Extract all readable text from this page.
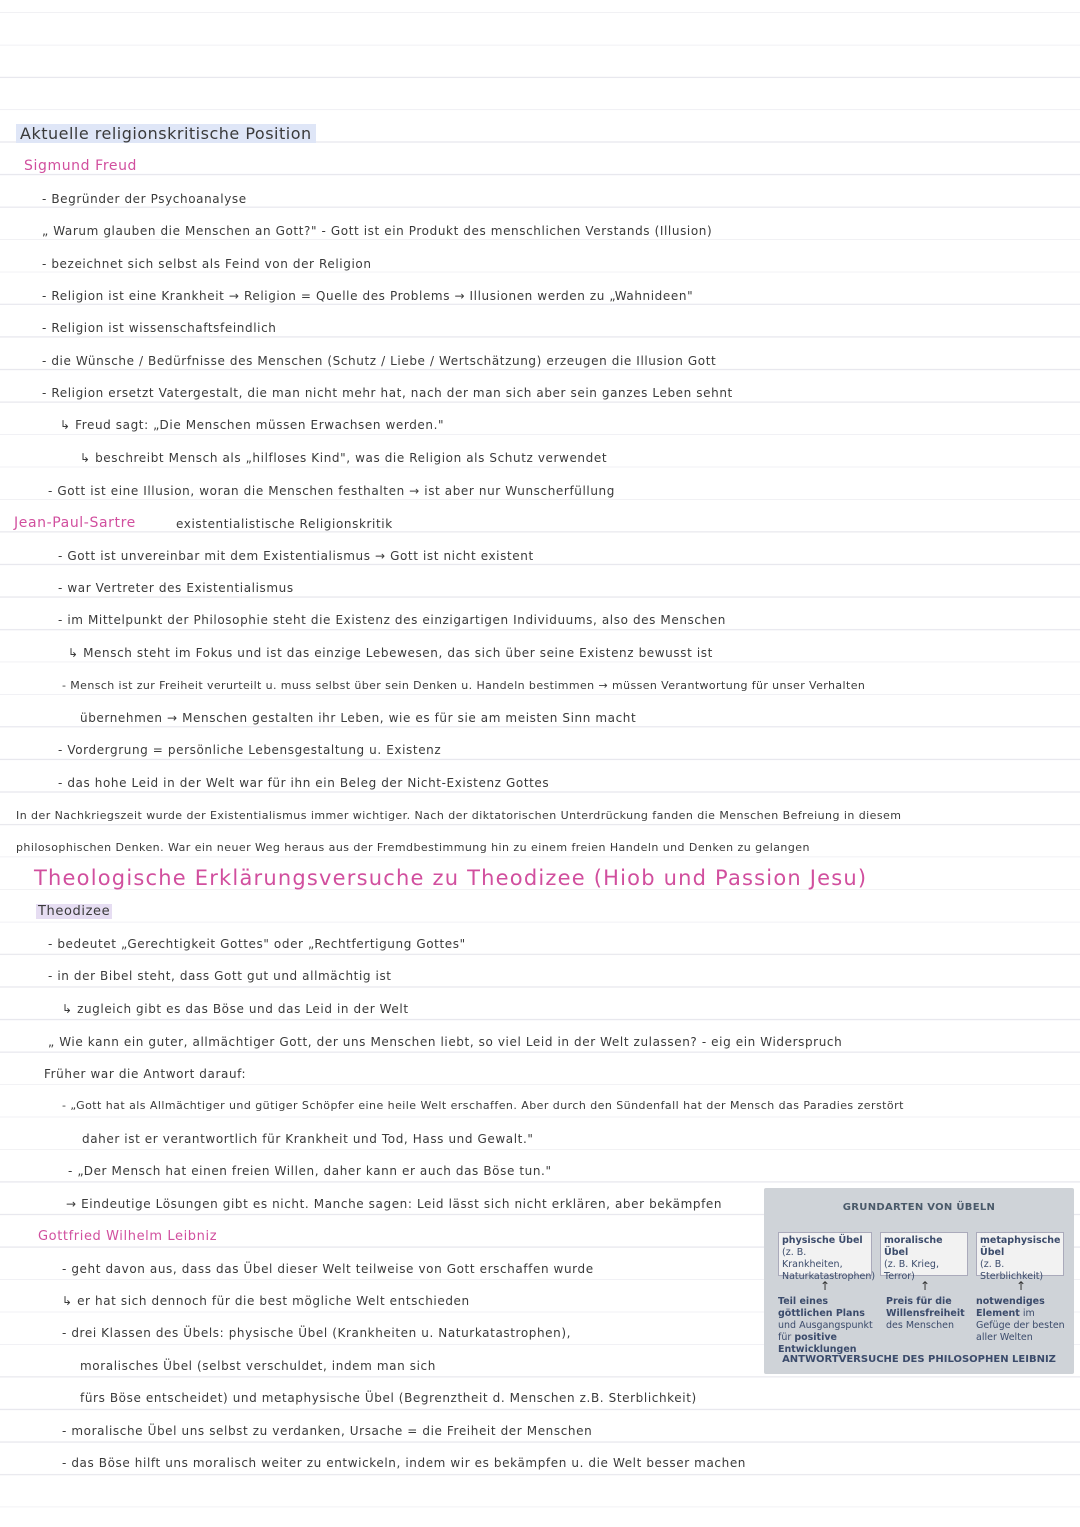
Aktuelle religionskritische Position
Sigmund Freud
- Begründer der Psychoanalyse
„ Warum glauben die Menschen an Gott?" - Gott ist ein Produkt des menschlichen Verstands (Illusion)
- bezeichnet sich selbst als Feind von der Religion
- Religion ist eine Krankheit → Religion = Quelle des Problems → Illusionen werden zu „Wahnideen"
- Religion ist wissenschaftsfeindlich
- die Wünsche / Bedürfnisse des Menschen (Schutz / Liebe / Wertschätzung) erzeugen die Illusion Gott
- Religion ersetzt Vatergestalt, die man nicht mehr hat, nach der man sich aber sein ganzes Leben sehnt
↳ Freud sagt: „Die Menschen müssen Erwachsen werden."
↳ beschreibt Mensch als „hilfloses Kind", was die Religion als Schutz verwendet
- Gott ist eine Illusion, woran die Menschen festhalten → ist aber nur Wunscherfüllung
Jean-Paul-Sartre	existentialistische Religionskritik
- Gott ist unvereinbar mit dem Existentialismus → Gott ist nicht existent
- war Vertreter des Existentialismus
- im Mittelpunkt der Philosophie steht die Existenz des einzigartigen Individuums, also des Menschen
↳ Mensch steht im Fokus und ist das einzige Lebewesen, das sich über seine Existenz bewusst ist
- Mensch ist zur Freiheit verurteilt u. muss selbst über sein Denken u. Handeln bestimmen → müssen Verantwortung für unser Verhalten
übernehmen → Menschen gestalten ihr Leben, wie es für sie am meisten Sinn macht
- Vordergrung = persönliche Lebensgestaltung u. Existenz
- das hohe Leid in der Welt war für ihn ein Beleg der Nicht-Existenz Gottes
In der Nachkriegszeit wurde der Existentialismus immer wichtiger. Nach der diktatorischen Unterdrückung fanden die Menschen Befreiung in diesem
philosophischen Denken. War ein neuer Weg heraus aus der Fremdbestimmung hin zu einem freien Handeln und Denken zu gelangen
Theologische Erklärungsversuche zu Theodizee (Hiob und Passion Jesu)
Theodizee
- bedeutet „Gerechtigkeit Gottes" oder „Rechtfertigung Gottes"
- in der Bibel steht, dass Gott gut und allmächtig ist
↳ zugleich gibt es das Böse und das Leid in der Welt
„ Wie kann ein guter, allmächtiger Gott, der uns Menschen liebt, so viel Leid in der Welt zulassen? - eig ein Widerspruch
Früher war die Antwort darauf:
- „Gott hat als Allmächtiger und gütiger Schöpfer eine heile Welt erschaffen. Aber durch den Sündenfall hat der Mensch das Paradies zerstört
daher ist er verantwortlich für Krankheit und Tod, Hass und Gewalt."
- „Der Mensch hat einen freien Willen, daher kann er auch das Böse tun."
→ Eindeutige Lösungen gibt es nicht. Manche sagen: Leid lässt sich nicht erklären, aber bekämpfen
Gottfried Wilhelm Leibniz
- geht davon aus, dass das Übel dieser Welt teilweise von Gott erschaffen wurde
↳ er hat sich dennoch für die best mögliche Welt entschieden
- drei Klassen des Übels: physische Übel (Krankheiten u. Naturkatastrophen),
moralisches Übel (selbst verschuldet, indem man sich
fürs Böse entscheidet) und metaphysische Übel (Begrenztheit d. Menschen z.B. Sterblichkeit)
- moralische Übel uns selbst zu verdanken, Ursache = die Freiheit der Menschen
- das Böse hilft uns moralisch weiter zu entwickeln, indem wir es bekämpfen u. die Welt besser machen
GRUNDARTEN VON ÜBELN
physische Übel
(z. B. Krankheiten, Naturkatastrophen)
moralische Übel
(z. B. Krieg, Terror)
metaphysische Übel
(z. B. Sterblichkeit)
↑	↑	↑
Teil eines göttlichen Plans und Ausgangspunkt für positive Entwicklungen
Preis für die Willensfreiheit des Menschen
notwendiges Element im Gefüge der besten aller Welten
ANTWORTVERSUCHE DES PHILOSOPHEN LEIBNIZ
